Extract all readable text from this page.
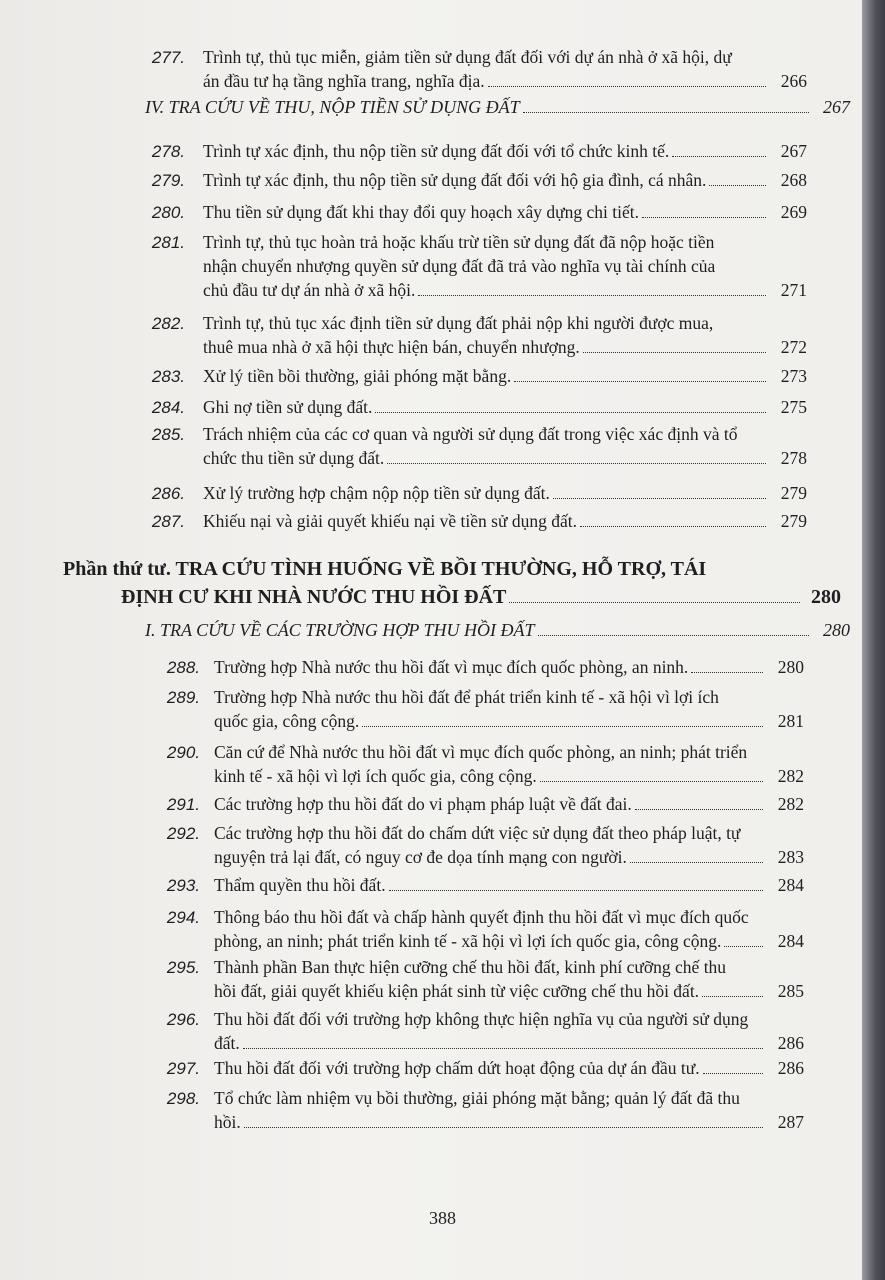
277. Trình tự, thủ tục miễn, giảm tiền sử dụng đất đối với dự án nhà ở xã hội, dự
án đầu tư hạ tầng nghĩa trang, nghĩa địa.	266
IV. TRA CỨU VỀ THU, NỘP TIỀN SỬ DỤNG ĐẤT	267
278. Trình tự xác định, thu nộp tiền sử dụng đất đối với tổ chức kinh tế.	267
279. Trình tự xác định, thu nộp tiền sử dụng đất đối với hộ gia đình, cá nhân.	268
280. Thu tiền sử dụng đất khi thay đổi quy hoạch xây dựng chi tiết.	269
281. Trình tự, thủ tục hoàn trả hoặc khấu trừ tiền sử dụng đất đã nộp hoặc tiền
nhận chuyển nhượng quyền sử dụng đất đã trả vào nghĩa vụ tài chính của
chủ đầu tư dự án nhà ở xã hội.	271
282. Trình tự, thủ tục xác định tiền sử dụng đất phải nộp khi người được mua,
thuê mua nhà ở xã hội thực hiện bán, chuyển nhượng.	272
283. Xử lý tiền bồi thường, giải phóng mặt bằng.	273
284. Ghi nợ tiền sử dụng đất.	275
285. Trách nhiệm của các cơ quan và người sử dụng đất trong việc xác định và tổ
chức thu tiền sử dụng đất.	278
286. Xử lý trường hợp chậm nộp nộp tiền sử dụng đất.	279
287. Khiếu nại và giải quyết khiếu nại về tiền sử dụng đất.	279
Phần thứ tư. TRA CỨU TÌNH HUỐNG VỀ BỒI THƯỜNG, HỖ TRỢ, TÁI
ĐỊNH CƯ KHI NHÀ NƯỚC THU HỒI ĐẤT	280
I. TRA CỨU VỀ CÁC TRƯỜNG HỢP THU HỒI ĐẤT	280
288. Trường hợp Nhà nước thu hồi đất vì mục đích quốc phòng, an ninh.	280
289. Trường hợp Nhà nước thu hồi đất để phát triển kinh tế - xã hội vì lợi ích
quốc gia, công cộng.	281
290. Căn cứ để Nhà nước thu hồi đất vì mục đích quốc phòng, an ninh; phát triển
kinh tế - xã hội vì lợi ích quốc gia, công cộng.	282
291. Các trường hợp thu hồi đất do vi phạm pháp luật về đất đai.	282
292. Các trường hợp thu hồi đất do chấm dứt việc sử dụng đất theo pháp luật, tự
nguyện trả lại đất, có nguy cơ đe dọa tính mạng con người.	283
293. Thẩm quyền thu hồi đất.	284
294. Thông báo thu hồi đất và chấp hành quyết định thu hồi đất vì mục đích quốc
phòng, an ninh; phát triển kinh tế - xã hội vì lợi ích quốc gia, công cộng.	284
295. Thành phần Ban thực hiện cưỡng chế thu hồi đất, kinh phí cưỡng chế thu
hồi đất, giải quyết khiếu kiện phát sinh từ việc cưỡng chế thu hồi đất.	285
296. Thu hồi đất đối với trường hợp không thực hiện nghĩa vụ của người sử dụng
đất.	286
297. Thu hồi đất đối với trường hợp chấm dứt hoạt động của dự án đầu tư.	286
298. Tổ chức làm nhiệm vụ bồi thường, giải phóng mặt bằng; quản lý đất đã thu
hồi.	287
388
